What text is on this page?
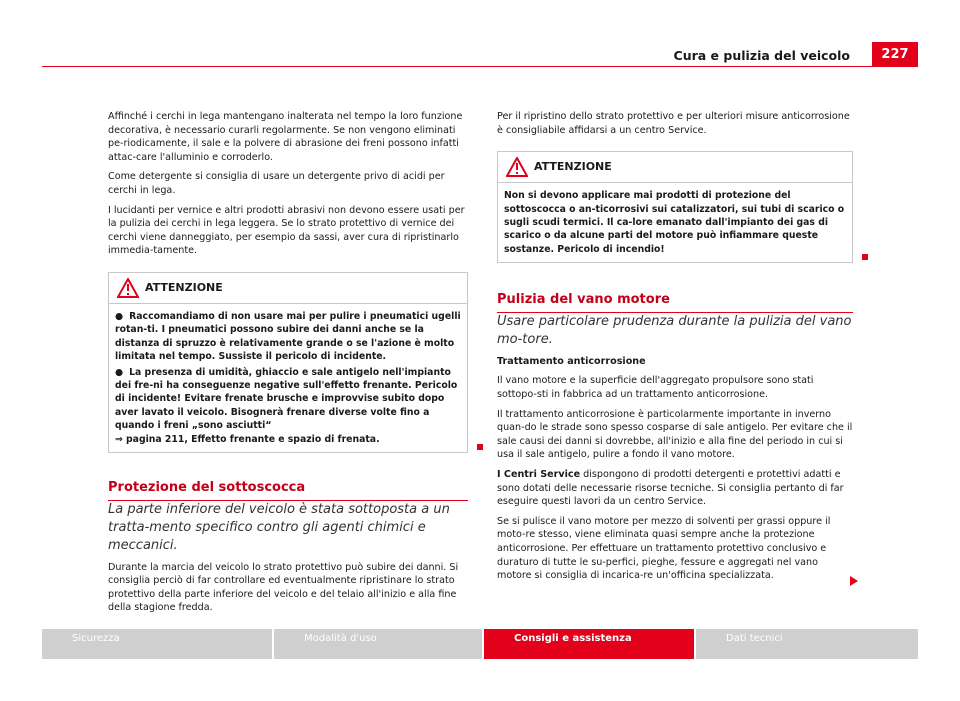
Cura e pulizia del veicolo	227

Affinché i cerchi in lega mantengano inalterata nel tempo la loro funzione decorativa, è necessario curarli regolarmente. Se non vengono eliminati pe-riodicamente, il sale e la polvere di abrasione dei freni possono infatti attac-care l'alluminio e corroderlo.

Come detergente si consiglia di usare un detergente privo di acidi per cerchi in lega.

I lucidanti per vernice e altri prodotti abrasivi non devono essere usati per la pulizia dei cerchi in lega leggera. Se lo strato protettivo di vernice dei cerchi viene danneggiato, per esempio da sassi, aver cura di ripristinarlo immedia-tamente.

ATTENZIONE

● Raccomandiamo di non usare mai per pulire i pneumatici ugelli rotan-ti. I pneumatici possono subire dei danni anche se la distanza di spruzzo è relativamente grande o se l'azione è molto limitata nel tempo. Sussiste il pericolo di incidente.

● La presenza di umidità, ghiaccio e sale antigelo nell'impianto dei fre-ni ha conseguenze negative sull'effetto frenante. Pericolo di incidente! Evitare frenate brusche e improvvise subito dopo aver lavato il veicolo. Bisognerà frenare diverse volte fino a quando i freni „sono asciutti“

⇒ pagina 211, Effetto frenante e spazio di frenata.

Protezione del sottoscocca

La parte inferiore del veicolo è stata sottoposta a un tratta-mento specifico contro gli agenti chimici e meccanici.

Durante la marcia del veicolo lo strato protettivo può subire dei danni. Si consiglia perciò di far controllare ed eventualmente ripristinare lo strato protettivo della parte inferiore del veicolo e del telaio all'inizio e alla fine della stagione fredda.

Per il ripristino dello strato protettivo e per ulteriori misure anticorrosione è consigliabile affidarsi a un centro Service.

ATTENZIONE

Non si devono applicare mai prodotti di protezione del sottoscocca o an-ticorrosivi sui catalizzatori, sui tubi di scarico o sugli scudi termici. Il ca-lore emanato dall'impianto dei gas di scarico o da alcune parti del motore può infiammare queste sostanze. Pericolo di incendio!

Pulizia del vano motore

Usare particolare prudenza durante la pulizia del vano mo-tore.

Trattamento anticorrosione

Il vano motore e la superficie dell'aggregato propulsore sono stati sottopo-sti in fabbrica ad un trattamento anticorrosione.

Il trattamento anticorrosione è particolarmente importante in inverno quan-do le strade sono spesso cosparse di sale antigelo. Per evitare che il sale causi dei danni si dovrebbe, all'inizio e alla fine del periodo in cui si usa il sale antigelo, pulire a fondo il vano motore.

I Centri Service dispongono di prodotti detergenti e protettivi adatti e sono dotati delle necessarie risorse tecniche. Si consiglia pertanto di far eseguire questi lavori da un centro Service.

Se si pulisce il vano motore per mezzo di solventi per grassi oppure il moto-re stesso, viene eliminata quasi sempre anche la protezione anticorrosione. Per effettuare un trattamento protettivo conclusivo e duraturo di tutte le su-perfici, pieghe, fessure e aggregati nel vano motore si consiglia di incarica-re un'officina specializzata.

Sicurezza	Modalità d'uso	Consigli e assistenza	Dati tecnici
